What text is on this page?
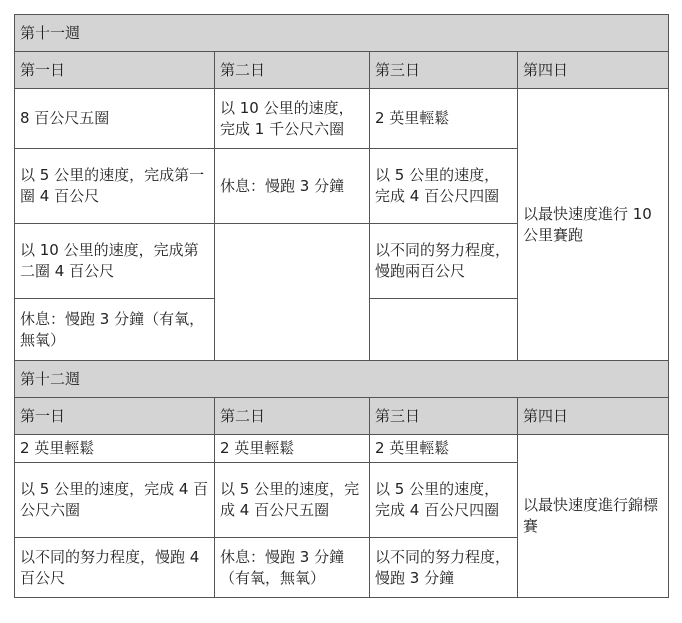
第十一週			
第一日	第二日	第三日	第四日
8 百公尺五圈	以 10 公里的速度，完成 1 千公尺六圈	2 英里輕鬆	以最快速度進行 10 公里賽跑
以 5 公里的速度，完成第一圈 4 百公尺	休息：慢跑 3 分鐘	以 5 公里的速度，完成 4 百公尺四圈	
以 10 公里的速度，完成第二圈 4 百公尺		以不同的努力程度，慢跑兩百公尺	
休息：慢跑 3 分鐘（有氧，無氧）			
第十二週			
第一日	第二日	第三日	第四日
2 英里輕鬆	2 英里輕鬆	2 英里輕鬆	以最快速度進行錦標賽
以 5 公里的速度，完成 4 百公尺六圈	以 5 公里的速度，完成 4 百公尺五圈	以 5 公里的速度，完成 4 百公尺四圈	
以不同的努力程度，慢跑 4 百公尺	休息：慢跑 3 分鐘（有氧，無氧）	以不同的努力程度，慢跑 3 分鐘	
